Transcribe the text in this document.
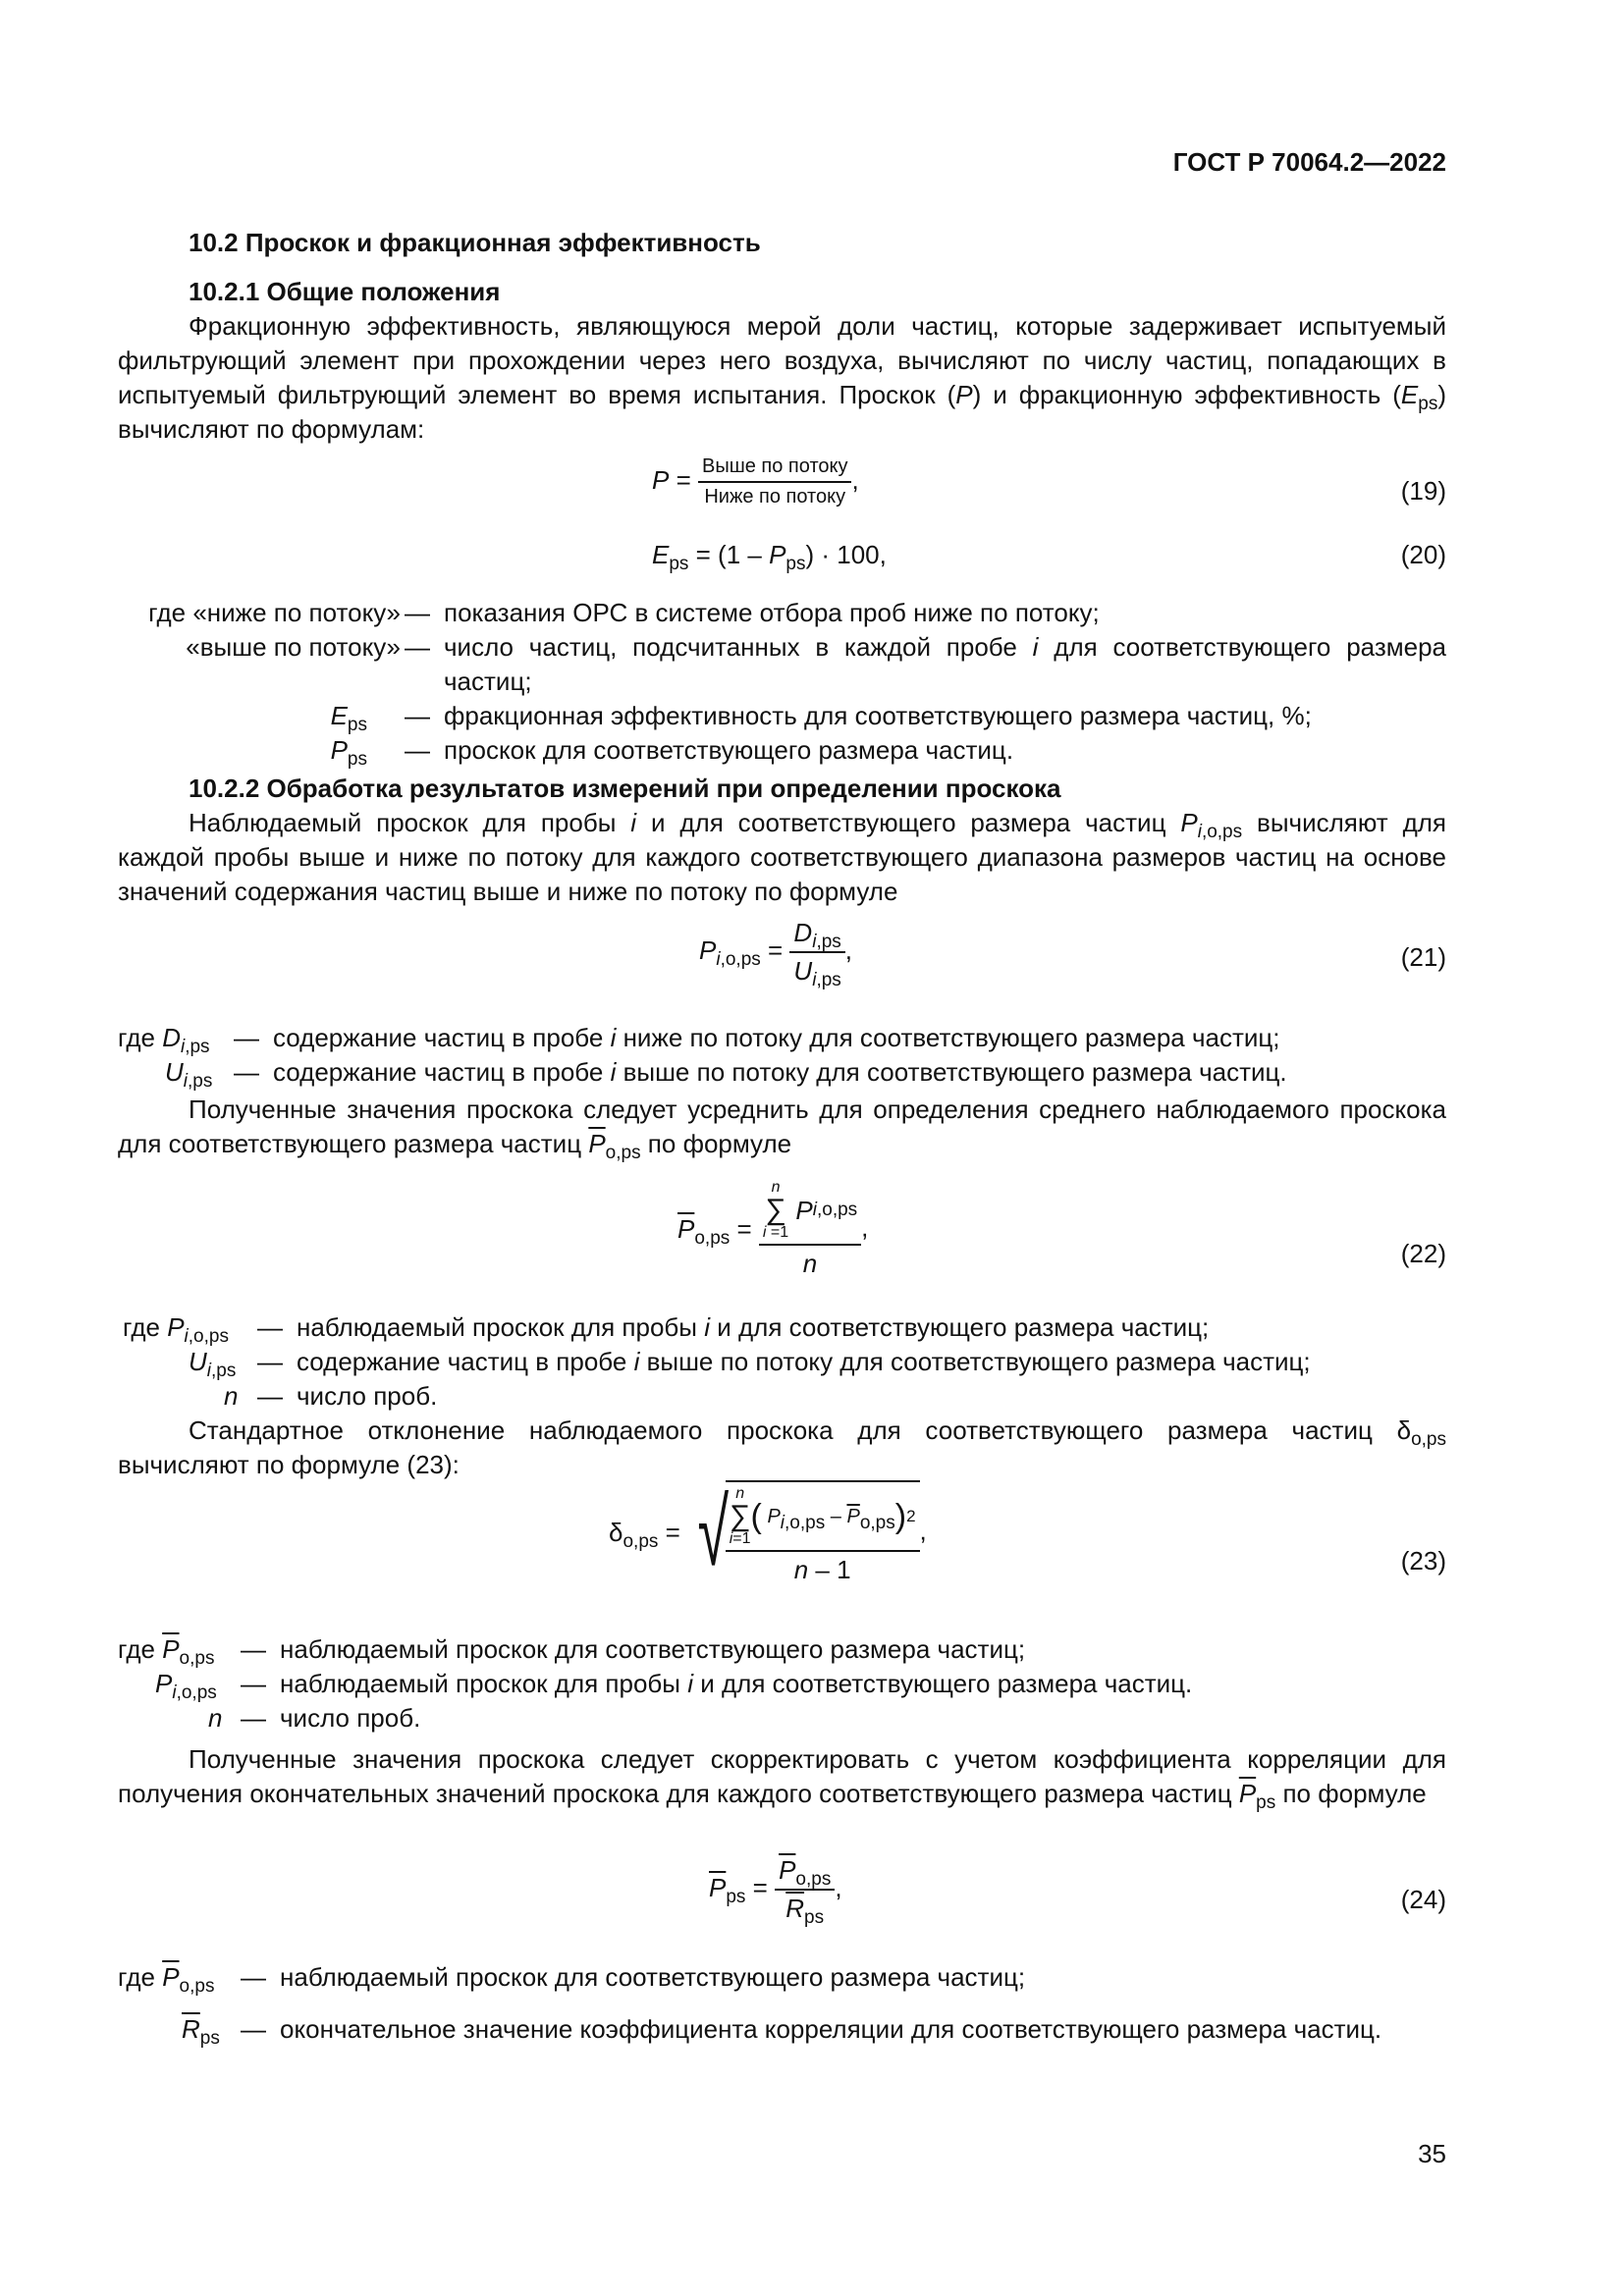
ГОСТ Р 70064.2—2022
10.2 Проскок и фракционная эффективность
10.2.1 Общие положения
Фракционную эффективность, являющуюся мерой доли частиц, которые задерживает испытуемый фильтрующий элемент при прохождении через него воздуха, вычисляют по числу частиц, попадающих в испытуемый фильтрующий элемент во время испытания. Проскок (P) и фракционную эффективность $(E_{ps})$ вычисляют по формулам:
$P = \frac{\text{Выше по потоку}}{\text{Ниже по потоку}}$ ,	(19)
$E_{ps} = (1 - P_{ps}) \cdot 100$,	(20)
где «ниже по потоку» — показания ОРС в системе отбора проб ниже по потоку;
«выше по потоку» — число частиц, подсчитанных в каждой пробе i для соответствующего размера частиц;
$E_{ps}$ — фракционная эффективность для соответствующего размера частиц, %;
$P_{ps}$ — проскок для соответствующего размера частиц.
10.2.2 Обработка результатов измерений при определении проскока
Наблюдаемый проскок для пробы i и для соответствующего размера частиц $P_{i,o,ps}$ вычисляют для каждой пробы выше и ниже по потоку для каждого соответствующего диапазона размеров частиц на основе значений содержания частиц выше и ниже по потоку по формуле
$P_{i,o,ps} = \frac{D_{i,ps}}{U_{i,ps}}$ ,	(21)
где $D_{i,ps}$ — содержание частиц в пробе i ниже по потоку для соответствующего размера частиц;
$U_{i,ps}$ — содержание частиц в пробе i выше по потоку для соответствующего размера частиц.
Полученные значения проскока следует усреднить для определения среднего наблюдаемого проскока для соответствующего размера частиц $\overline{P}_{o,ps}$ по формуле
$\overline{P}_{o,ps} = n$
∑
i =1

P i,o,ps
n ,
(22)
где $P_{i,o,ps}$ — наблюдаемый проскок для пробы i и для соответствующего размера частиц;
$U_{i,ps}$ — содержание частиц в пробе i выше по потоку для соответствующего размера частиц;
n — число проб.
Стандартное отклонение наблюдаемого проскока для соответствующего размера частиц $\delta_{o,ps}$ вычисляют по формуле (23):
$\delta_{o,ps}$ = √
n
∑
i=1
( $P_{i,o,ps} - \overline{P}_{o,ps}$ ) 2
n – 1 ,
(23)
где $\overline{P}_{o,ps}$ — наблюдаемый проскок для соответствующего размера частиц;
$P_{i,o,ps}$ — наблюдаемый проскок для пробы i и для соответствующего размера частиц.
n — число проб.
Полученные значения проскока следует скорректировать с учетом коэффициента корреляции для получения окончательных значений проскока для каждого соответствующего размера частиц $\overline{P}_{ps}$ по формуле
$\overline{P}_{ps} = \frac{\overline{P}_{o,ps}}{\overline{R}_{ps}}$ ,	(24)
где $\overline{P}_{o,ps}$ — наблюдаемый проскок для соответствующего размера частиц;
$\overline{R}_{ps}$ — окончательное значение коэффициента корреляции для соответствующего размера частиц.
35
